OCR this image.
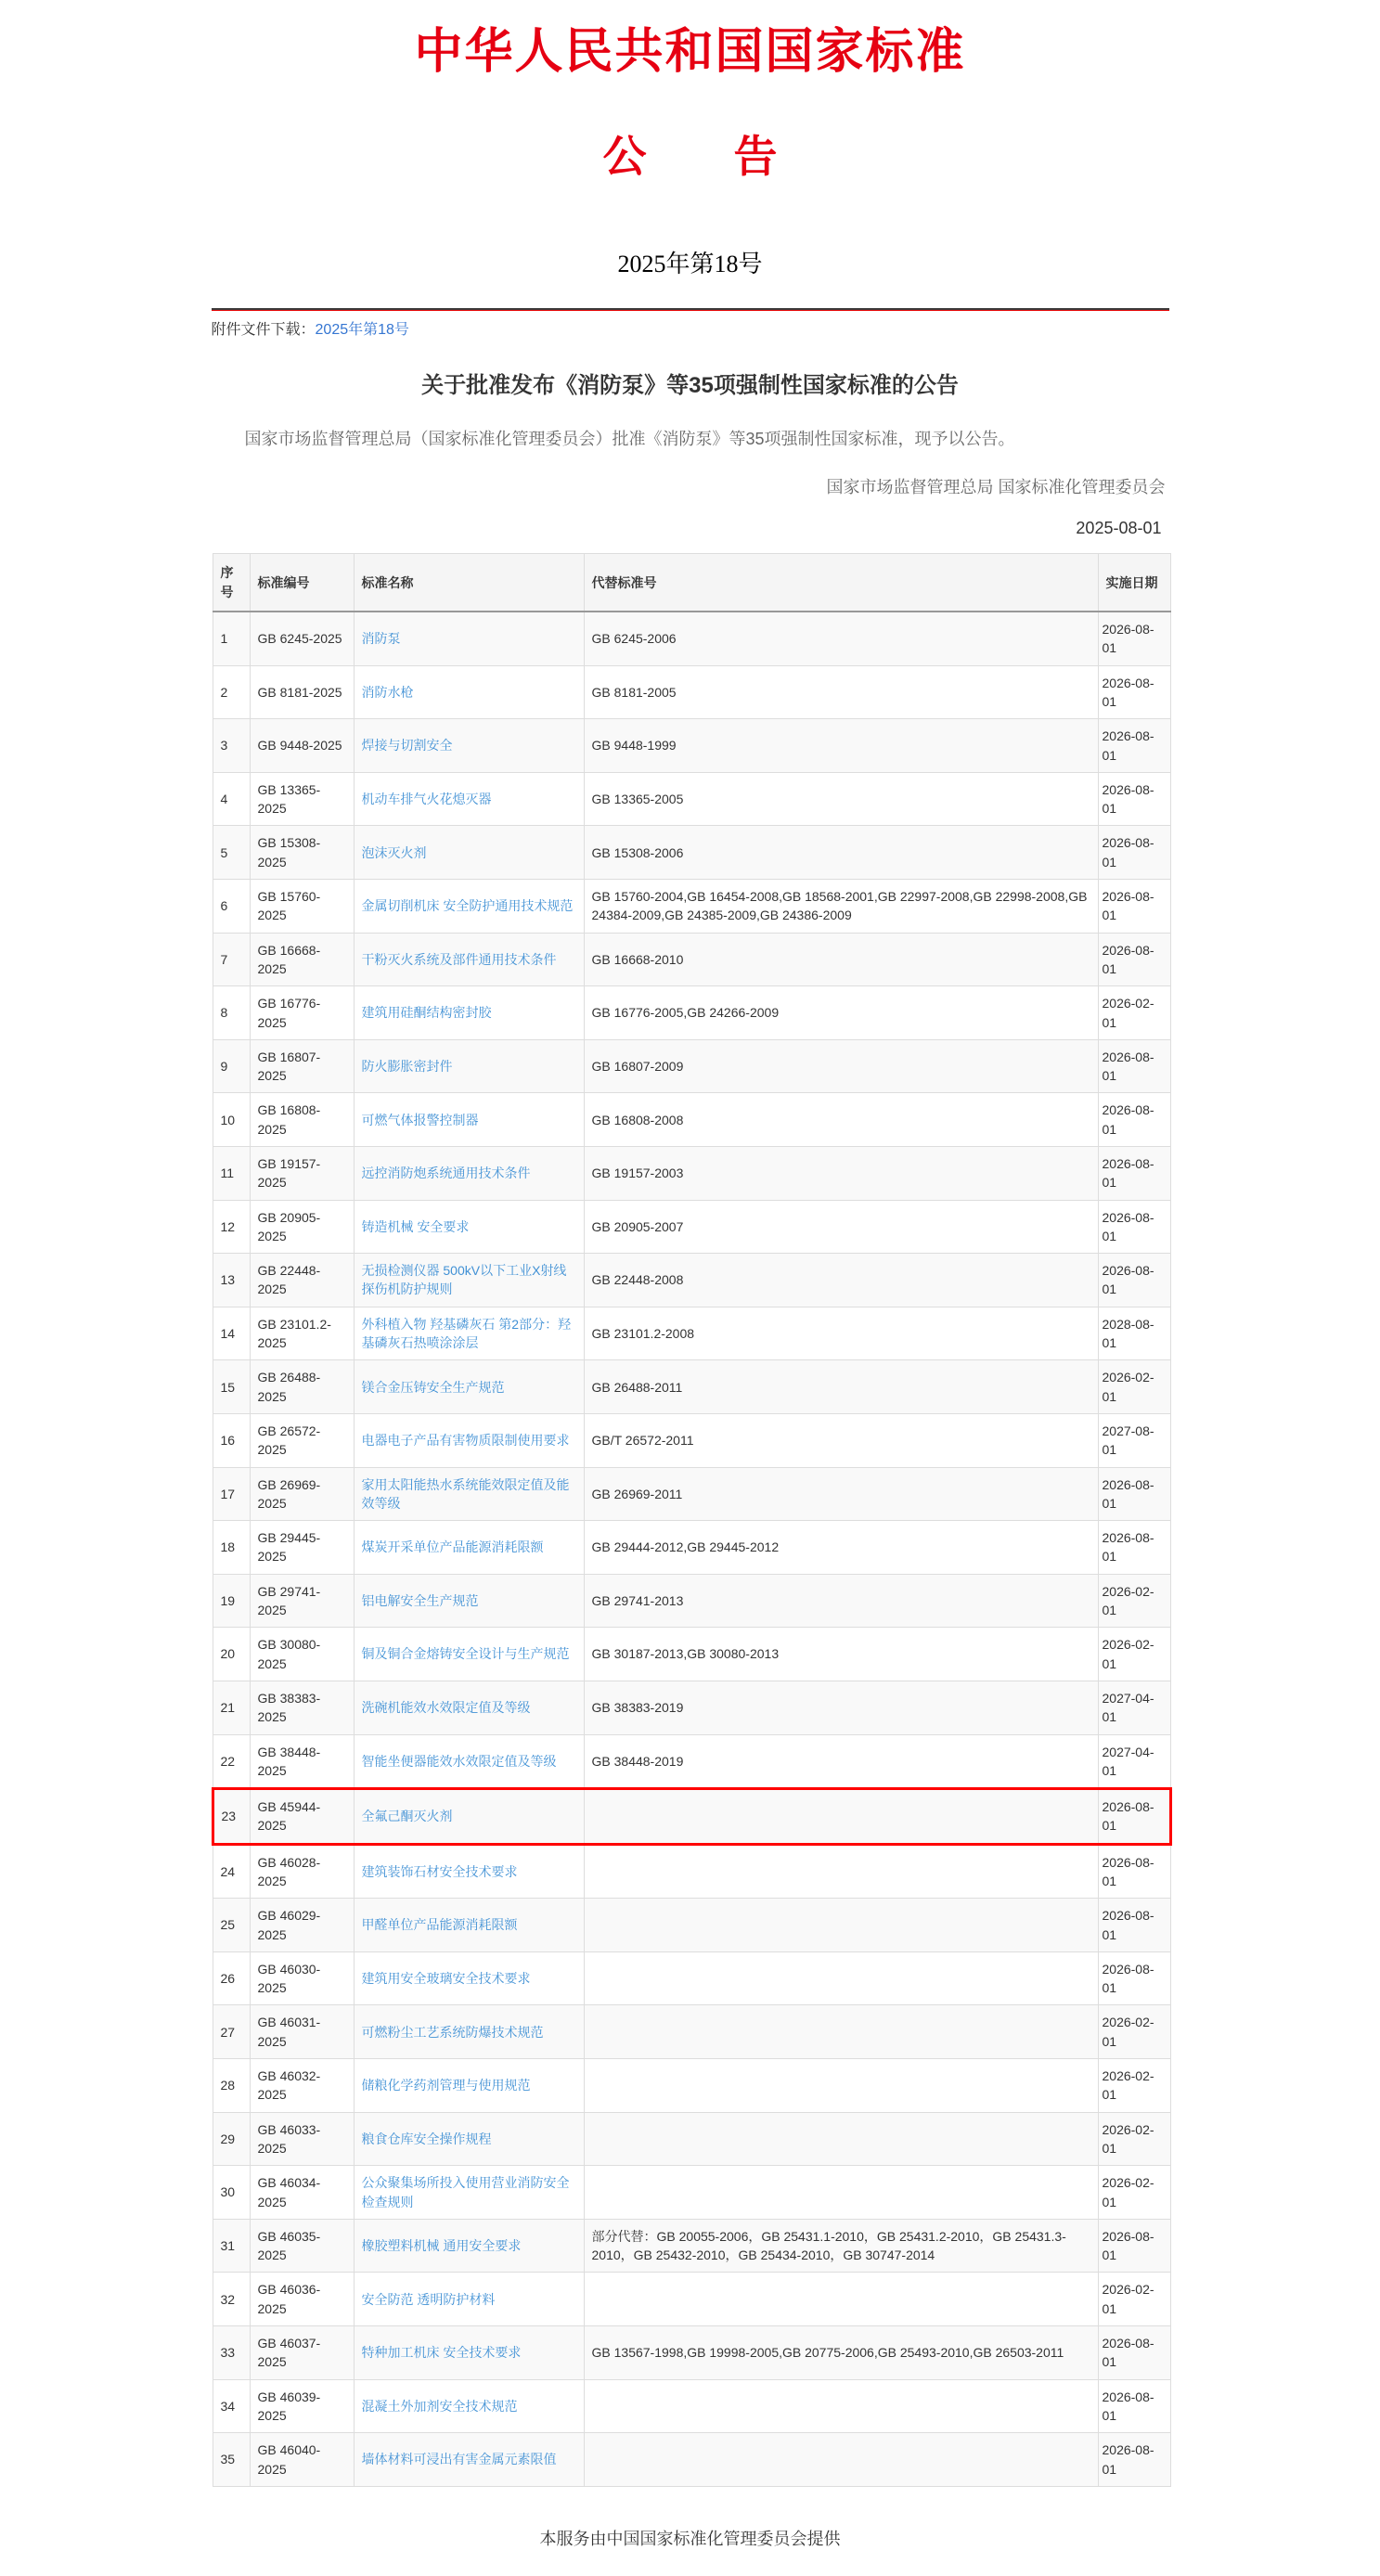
中华人民共和国国家标准
公　　告
2025年第18号
附件文件下载：2025年第18号
关于批准发布《消防泵》等35项强制性国家标准的公告

国家市场监督管理总局（国家标准化管理委员会）批准《消防泵》等35项强制性国家标准，现予以公告。

国家市场监督管理总局 国家标准化管理委员会
2025-08-01
序号	标准编号	标准名称	代替标准号	实施日期
1	GB 6245-2025	消防泵	GB 6245-2006	2026-08-01
2	GB 8181-2025	消防水枪	GB 8181-2005	2026-08-01
3	GB 9448-2025	焊接与切割安全	GB 9448-1999	2026-08-01
4	GB 13365-2025	机动车排气火花熄灭器	GB 13365-2005	2026-08-01
5	GB 15308-2025	泡沫灭火剂	GB 15308-2006	2026-08-01
6	GB 15760-2025	金属切削机床 安全防护通用技术规范	GB 15760-2004,GB 16454-2008,GB 18568-2001,GB 22997-2008,GB 22998-2008,GB 24384-2009,GB 24385-2009,GB 24386-2009	2026-08-01
7	GB 16668-2025	干粉灭火系统及部件通用技术条件	GB 16668-2010	2026-08-01
8	GB 16776-2025	建筑用硅酮结构密封胶	GB 16776-2005,GB 24266-2009	2026-02-01
9	GB 16807-2025	防火膨胀密封件	GB 16807-2009	2026-08-01
10	GB 16808-2025	可燃气体报警控制器	GB 16808-2008	2026-08-01
11	GB 19157-2025	远控消防炮系统通用技术条件	GB 19157-2003	2026-08-01
12	GB 20905-2025	铸造机械 安全要求	GB 20905-2007	2026-08-01
13	GB 22448-2025	无损检测仪器 500kV以下工业X射线探伤机防护规则	GB 22448-2008	2026-08-01
14	GB 23101.2-2025	外科植入物 羟基磷灰石 第2部分：羟基磷灰石热喷涂涂层	GB 23101.2-2008	2028-08-01
15	GB 26488-2025	镁合金压铸安全生产规范	GB 26488-2011	2026-02-01
16	GB 26572-2025	电器电子产品有害物质限制使用要求	GB/T 26572-2011	2027-08-01
17	GB 26969-2025	家用太阳能热水系统能效限定值及能效等级	GB 26969-2011	2026-08-01
18	GB 29445-2025	煤炭开采单位产品能源消耗限额	GB 29444-2012,GB 29445-2012	2026-08-01
19	GB 29741-2025	铝电解安全生产规范	GB 29741-2013	2026-02-01
20	GB 30080-2025	铜及铜合金熔铸安全设计与生产规范	GB 30187-2013,GB 30080-2013	2026-02-01
21	GB 38383-2025	洗碗机能效水效限定值及等级	GB 38383-2019	2027-04-01
22	GB 38448-2025	智能坐便器能效水效限定值及等级	GB 38448-2019	2027-04-01
23	GB 45944-2025	全氟己酮灭火剂		2026-08-01
24	GB 46028-2025	建筑装饰石材安全技术要求		2026-08-01
25	GB 46029-2025	甲醛单位产品能源消耗限额		2026-08-01
26	GB 46030-2025	建筑用安全玻璃安全技术要求		2026-08-01
27	GB 46031-2025	可燃粉尘工艺系统防爆技术规范		2026-02-01
28	GB 46032-2025	储粮化学药剂管理与使用规范		2026-02-01
29	GB 46033-2025	粮食仓库安全操作规程		2026-02-01
30	GB 46034-2025	公众聚集场所投入使用营业消防安全检查规则		2026-02-01
31	GB 46035-2025	橡胶塑料机械 通用安全要求	部分代替：GB 20055-2006，GB 25431.1-2010，GB 25431.2-2010，GB 25431.3-2010，GB 25432-2010，GB 25434-2010，GB 30747-2014	2026-08-01
32	GB 46036-2025	安全防范 透明防护材料		2026-02-01
33	GB 46037-2025	特种加工机床 安全技术要求	GB 13567-1998,GB 19998-2005,GB 20775-2006,GB 25493-2010,GB 26503-2011	2026-08-01
34	GB 46039-2025	混凝土外加剂安全技术规范		2026-08-01
35	GB 46040-2025	墙体材料可浸出有害金属元素限值		2026-08-01
本服务由中国国家标准化管理委员会提供
